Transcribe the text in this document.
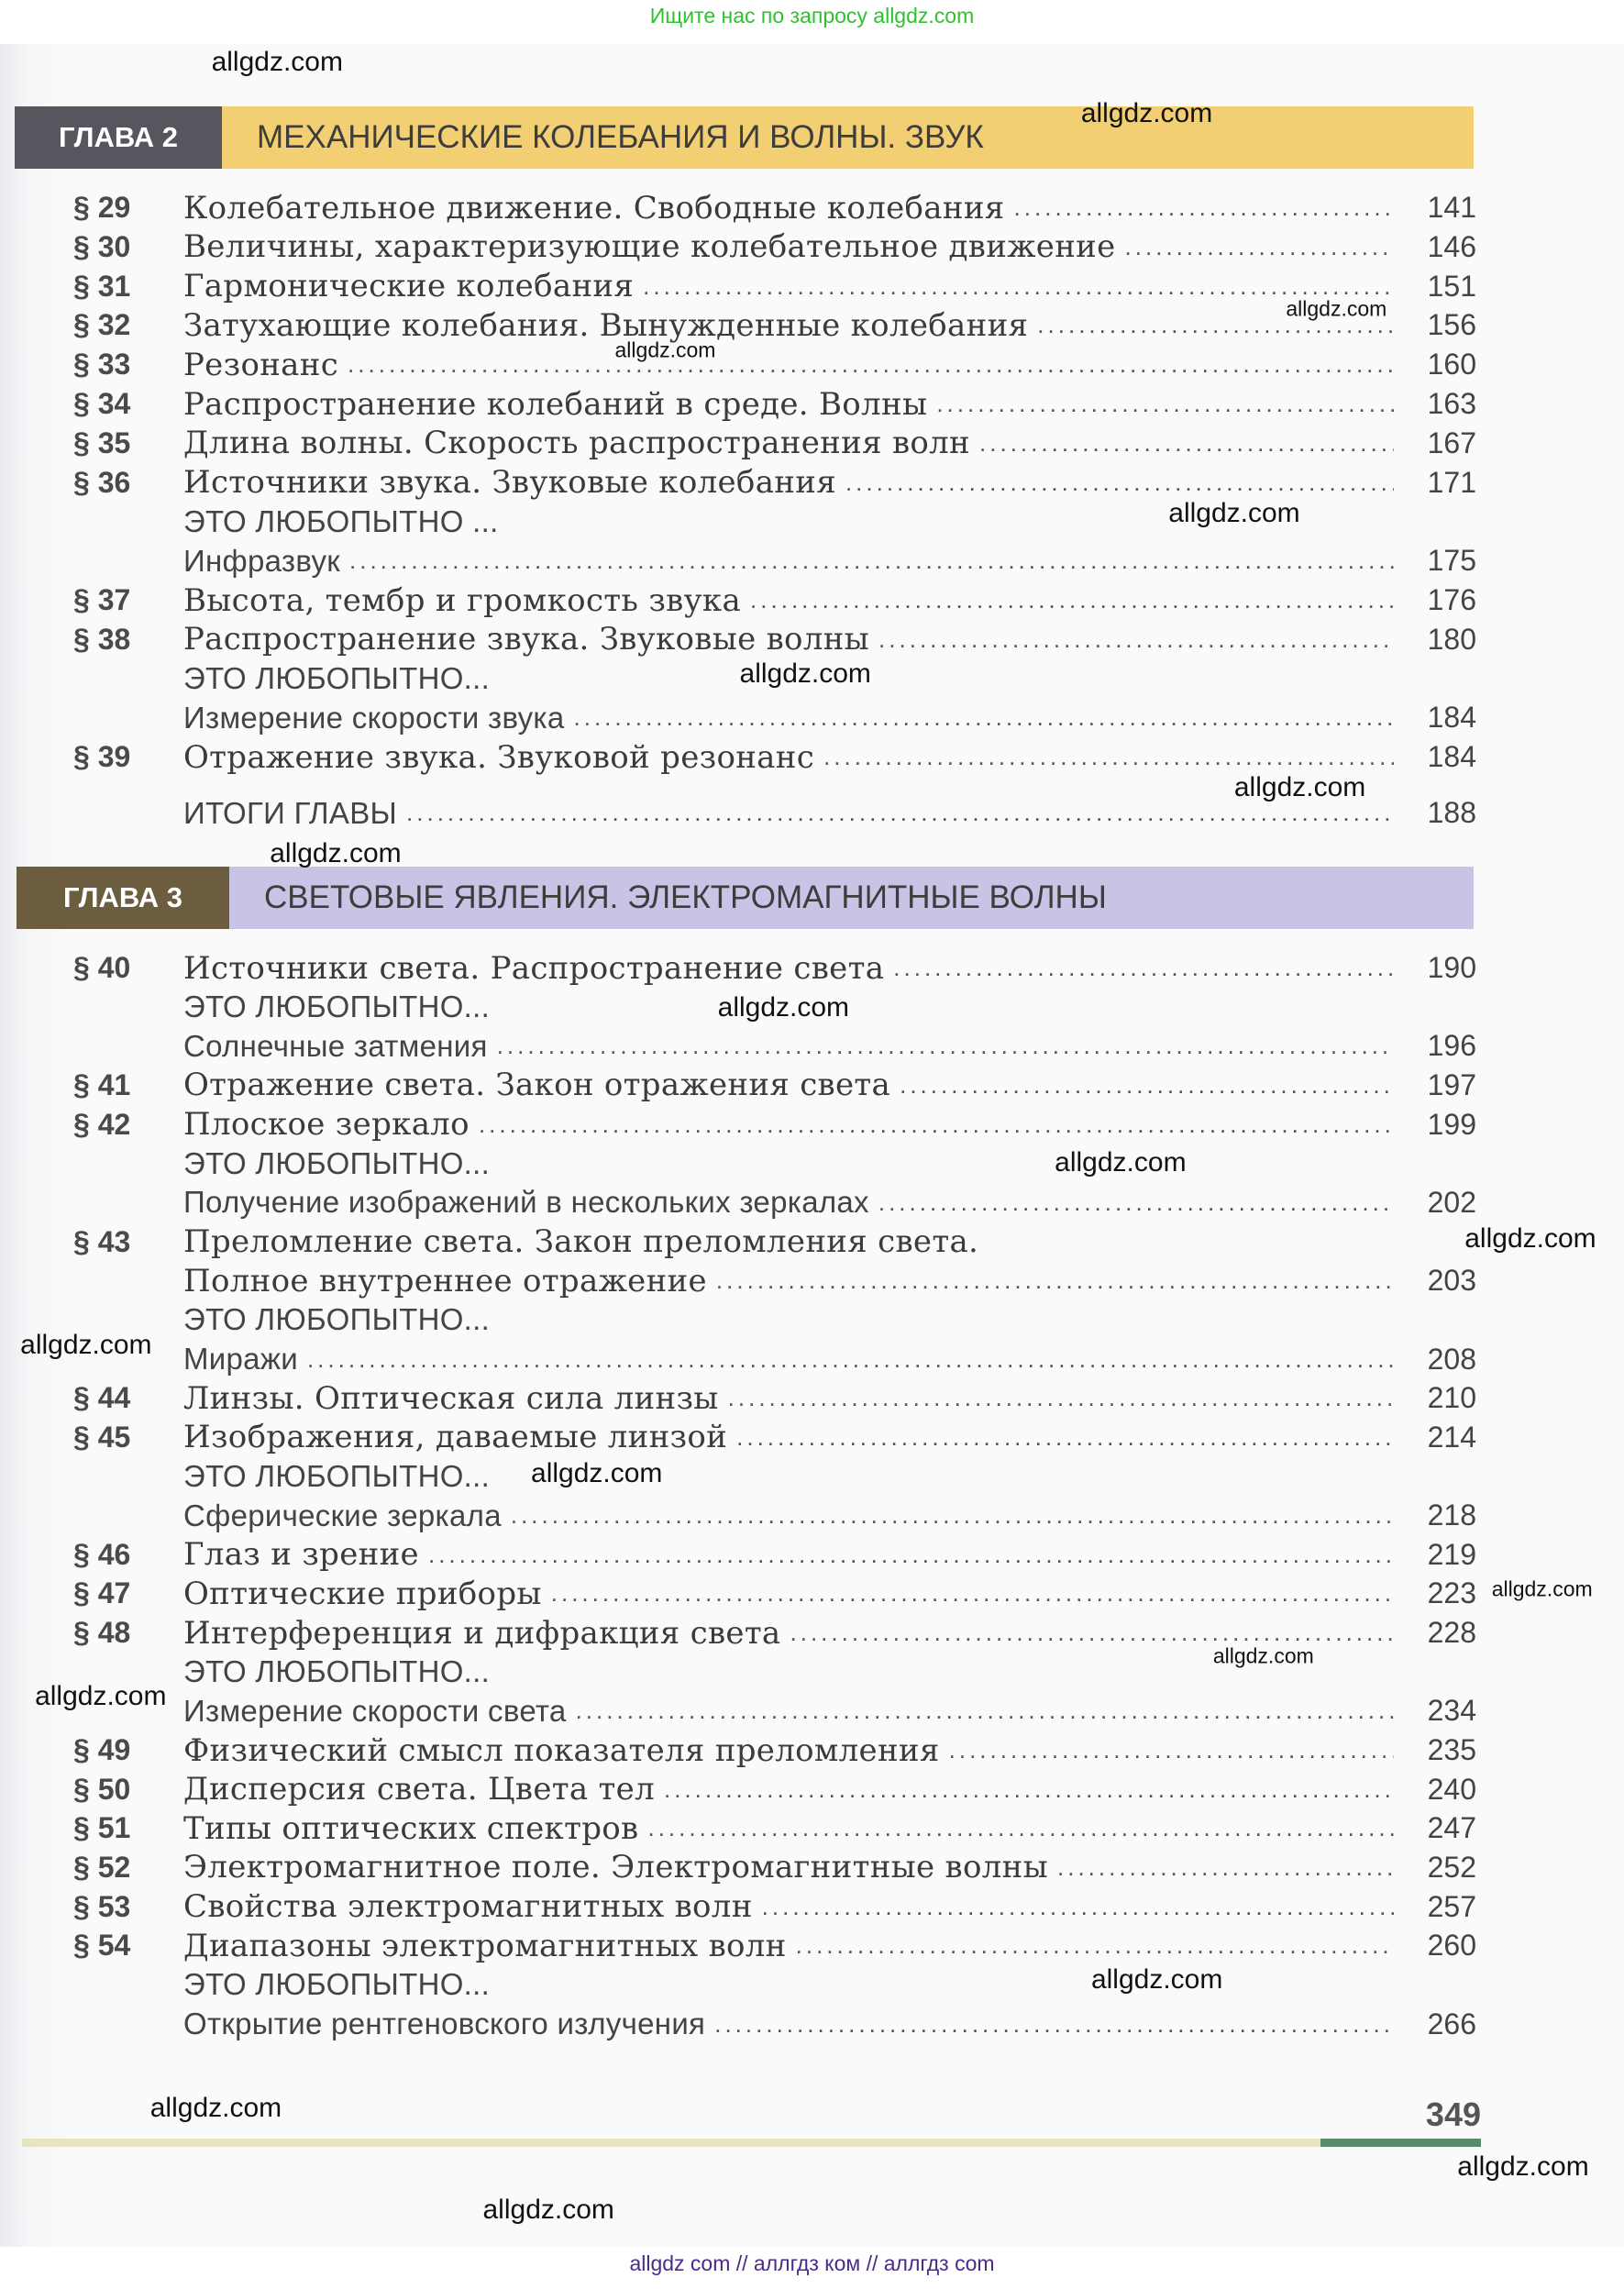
Ищите нас по запросу allgdz.com
ГЛАВА 2	МЕХАНИЧЕСКИЕ КОЛЕБАНИЯ И ВОЛНЫ. ЗВУК
§ 29	Колебательное движение. Свободные колебания .....	141
§ 30	Величины, характеризующие колебательное движение .....	146
§ 31	Гармонические колебания .....	151
§ 32	Затухающие колебания. Вынужденные колебания .....	156
§ 33	Резонанс .....	160
§ 34	Распространение колебаний в среде. Волны .....	163
§ 35	Длина волны. Скорость распространения волн .....	167
§ 36	Источники звука. Звуковые колебания .....	171
ЭТО ЛЮБОПЫТНО ...
Инфразвук .....	175
§ 37	Высота, тембр и громкость звука .....	176
§ 38	Распространение звука. Звуковые волны .....	180
ЭТО ЛЮБОПЫТНО...
Измерение скорости звука .....	184
§ 39	Отражение звука. Звуковой резонанс .....	184
ИТОГИ ГЛАВЫ .....	188
ГЛАВА 3	СВЕТОВЫЕ ЯВЛЕНИЯ. ЭЛЕКТРОМАГНИТНЫЕ ВОЛНЫ
§ 40	Источники света. Распространение света .....	190
ЭТО ЛЮБОПЫТНО...
Солнечные затмения .....	196
§ 41	Отражение света. Закон отражения света .....	197
§ 42	Плоское зеркало .....	199
ЭТО ЛЮБОПЫТНО...
Получение изображений в нескольких зеркалах .....	202
§ 43	Преломление света. Закон преломления света.
Полное внутреннее отражение .....	203
ЭТО ЛЮБОПЫТНО...
Миражи .....	208
§ 44	Линзы. Оптическая сила линзы .....	210
§ 45	Изображения, даваемые линзой .....	214
ЭТО ЛЮБОПЫТНО...
Сферические зеркала .....	218
§ 46	Глаз и зрение .....	219
§ 47	Оптические приборы .....	223
§ 48	Интерференция и дифракция света .....	228
ЭТО ЛЮБОПЫТНО...
Измерение скорости света .....	234
§ 49	Физический смысл показателя преломления .....	235
§ 50	Дисперсия света. Цвета тел .....	240
§ 51	Типы оптических спектров .....	247
§ 52	Электромагнитное поле. Электромагнитные волны .....	252
§ 53	Свойства электромагнитных волн .....	257
§ 54	Диапазоны электромагнитных волн .....	260
ЭТО ЛЮБОПЫТНО...
Открытие рентгеновского излучения .....	266
349
allgdz com // аллгдз ком // аллгдз com
allgdz.com
allgdz.com
allgdz.com
allgdz.com
allgdz.com
allgdz.com
allgdz.com
allgdz.com
allgdz.com
allgdz.com
allgdz.com
allgdz.com
allgdz.com
allgdz.com
allgdz.com
allgdz.com
allgdz.com
allgdz.com
allgdz.com
allgdz.com
